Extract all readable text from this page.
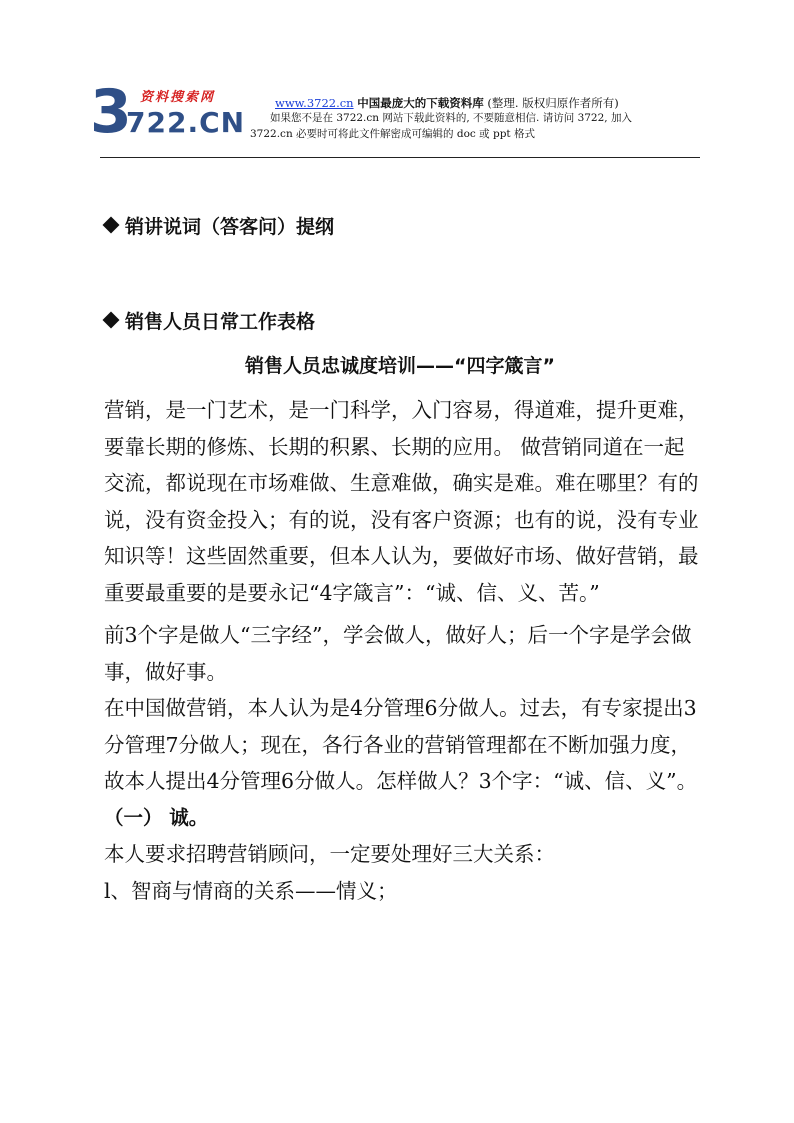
3 资料搜索网
722.CN
www.3722.cn 中国最庞大的下载资料库 (整理. 版权归原作者所有)
如果您不是在 3722.cn 网站下载此资料的, 不要随意相信. 请访问 3722, 加入
3722.cn 必要时可将此文件解密成可编辑的 doc 或 ppt 格式
销讲说词（答客问）提纲
销售人员日常工作表格
销售人员忠诚度培训——“四字箴言”

营销，是一门艺术，是一门科学，入门容易，得道难，提升更难，要靠长期的修炼、长期的积累、长期的应用。 做营销同道在一起交流，都说现在市场难做、生意难做，确实是难。难在哪里？有的说，没有资金投入；有的说，没有客户资源；也有的说，没有专业知识等！这些固然重要，但本人认为，要做好市场、做好营销，最重要最重要的是要永记“4字箴言”：“诚、信、义、苦。”

前3个字是做人“三字经”，学会做人，做好人；后一个字是学会做事，做好事。

在中国做营销，本人认为是4分管理6分做人。过去，有专家提出3分管理7分做人；现在，各行各业的营销管理都在不断加强力度，故本人提出4分管理6分做人。怎样做人？3个字：“诚、信、义”。

（一） 诚。

本人要求招聘营销顾问，一定要处理好三大关系：

l、智商与情商的关系——情义；
